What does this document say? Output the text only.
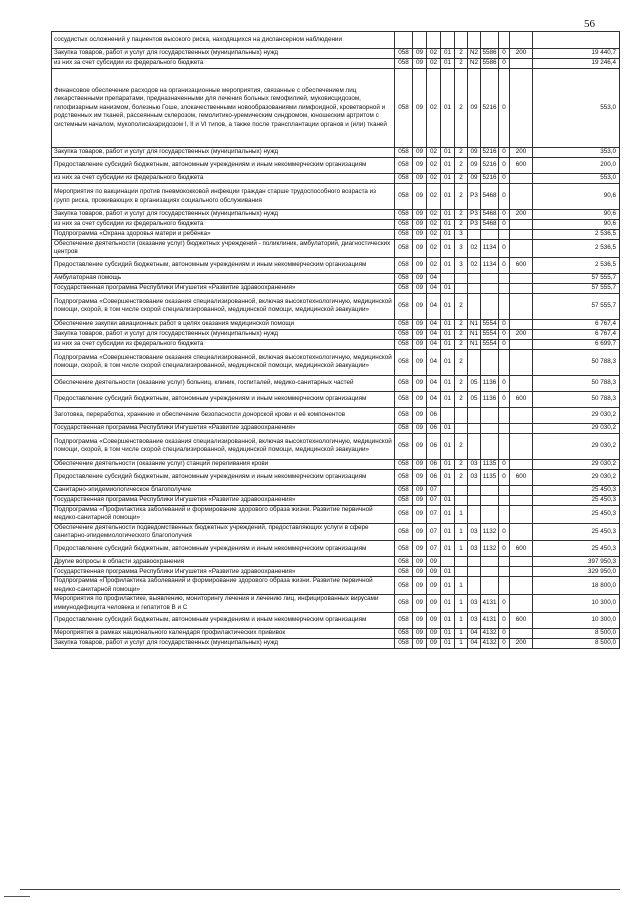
56
сосудистых осложнений у пациентов высокого риска, находящихся на диспансерном наблюдении										
Закупка товаров, работ и услуг для государственных (муниципальных) нужд	058	09	02	01	2	N2	5586	0	200	19 440,7
из них за счет субсидии из федерального бюджета	058	09	02	01	2	N2	5586	0		19 246,4
Финансовое обеспечение расходов на организационные мероприятия, связанные с обеспечением лиц лекарственными препаратами, предназначенными для лечения больных гемофилией, муковисцидозом, гипофизарным нанизмом, болезнью Гоше, злокачественными новообразованиями лимфоидной, кроветворной и родственных им тканей, рассеянным склерозом, гемолитико-уремическим синдромом, юношеским артритом с системным началом, мукополисахаридозом I, II и VI типов, а также после трансплантации органов и (или) тканей	058	09	02	01	2	09	5216	0		553,0
Закупка товаров, работ и услуг для государственных (муниципальных) нужд	058	09	02	01	2	09	5216	0	200	353,0
Предоставление субсидий бюджетным, автономным учреждениям и иным некоммерческим организациям	058	09	02	01	2	09	5216	0	600	200,0
из них за счет субсидии из федерального бюджета	058	09	02	01	2	09	5216	0		553,0
Мероприятия по вакцинации против пневмококковой инфекции граждан старше трудоспособного возраста из групп риска, проживающих в организациях социального обслуживания	058	09	02	01	2	P3	5468	0		90,6
Закупка товаров, работ и услуг для государственных (муниципальных) нужд	058	09	02	01	2	P3	5468	0	200	90,6
из них за счет субсидии из федерального бюджета	058	09	02	01	2	P3	5468	0		90,6
Подпрограмма «Охрана здоровья матери и ребёнка»	058	09	02	01	3					2 536,5
Обеспечение деятельности (оказание услуг) бюджетных учреждений - поликлиник, амбулаторий, диагностических центров	058	09	02	01	3	02	1134	0		2 536,5
Предоставление субсидий бюджетным, автономным учреждениям и иным некоммерческим организациям	058	09	02	01	3	02	1134	0	600	2 536,5
Амбулаторная помощь	058	09	04							57 555,7
Государственная программа Республики Ингушетия «Развитие здравоохранения»	058	09	04	01						57 555,7
Подпрограмма «Совершенствование оказания специализированной, включая высокотехнологичную, медицинской помощи, скорой, в том числе скорой специализированной, медицинской помощи, медицинской эвакуации»	058	09	04	01	2					57 555,7
Обеспечение закупки авиационных работ в целях оказания медицинской помощи	058	09	04	01	2	N1	5554	0		6 767,4
Закупка товаров, работ и услуг для государственных (муниципальных) нужд	058	09	04	01	2	N1	5554	0	200	6 767,4
из них за счет субсидии из федерального бюджета	058	09	04	01	2	N1	5554	0		6 699,7
Подпрограмма «Совершенствование оказания специализированной, включая высокотехнологичную, медицинской помощи, скорой, в том числе скорой специализированной, медицинской помощи, медицинской эвакуации»	058	09	04	01	2					50 788,3
Обеспечение деятельности (оказание услуг) больниц, клиник, госпиталей, медико-санитарных частей	058	09	04	01	2	05	1136	0		50 788,3
Предоставление субсидий бюджетным, автономным учреждениям и иным некоммерческим организациям	058	09	04	01	2	05	1136	0	600	50 788,3
Заготовка, переработка, хранение и обеспечение безопасности донорской крови и её компонентов	058	09	06							29 030,2
Государственная программа Республики Ингушетия «Развитие здравоохранения»	058	09	06	01						29 030,2
Подпрограмма «Совершенствование оказания специализированной, включая высокотехнологичную, медицинской помощи, скорой, в том числе скорой специализированной, медицинской помощи, медицинской эвакуации»	058	09	06	01	2					29 030,2
Обеспечение деятельности (оказание услуг) станций переливания крови	058	09	06	01	2	03	1135	0		29 030,2
Предоставление субсидий бюджетным, автономным учреждениям и иным некоммерческим организациям	058	09	06	01	2	03	1135	0	600	29 030,2
Санитарно-эпидемиологическое благополучие	058	09	07							25 450,3
Государственная программа Республики Ингушетия «Развитие здравоохранения»	058	09	07	01						25 450,3
Подпрограмма «Профилактика заболеваний и формирование здорового образа жизни. Развитие первичной медико-санитарной помощи»	058	09	07	01	1					25 450,3
Обеспечение деятельности подведомственных бюджетных учреждений, предоставляющих услуги в сфере санитарно-эпидемиологического благополучия	058	09	07	01	1	03	1132	0		25 450,3
Предоставление субсидий бюджетным, автономным учреждениям и иным некоммерческим организациям	058	09	07	01	1	03	1132	0	600	25 450,3
Другие вопросы в области здравоохранения	058	09	09							397 950,3
Государственная программа Республики Ингушетия «Развитие здравоохранения»	058	09	09	01						329 950,0
Подпрограмма «Профилактика заболеваний и формирование здорового образа жизни. Развитие первичной медико-санитарной помощи»	058	09	09	01	1					18 800,0
Мероприятия по профилактике, выявлению, мониторингу лечения и лечению лиц, инфицированных вирусами иммунодефицита человека и гепатитов В и С	058	09	09	01	1	03	4131	0		10 300,0
Предоставление субсидий бюджетным, автономным учреждениям и иным некоммерческим организациям	058	09	09	01	1	03	4131	0	600	10 300,0
Мероприятия в рамках национального календаря профилактических прививок	058	09	09	01	1	04	4132	0		8 500,0
Закупка товаров, работ и услуг для государственных (муниципальных) нужд	058	09	09	01	1	04	4132	0	200	8 500,0
